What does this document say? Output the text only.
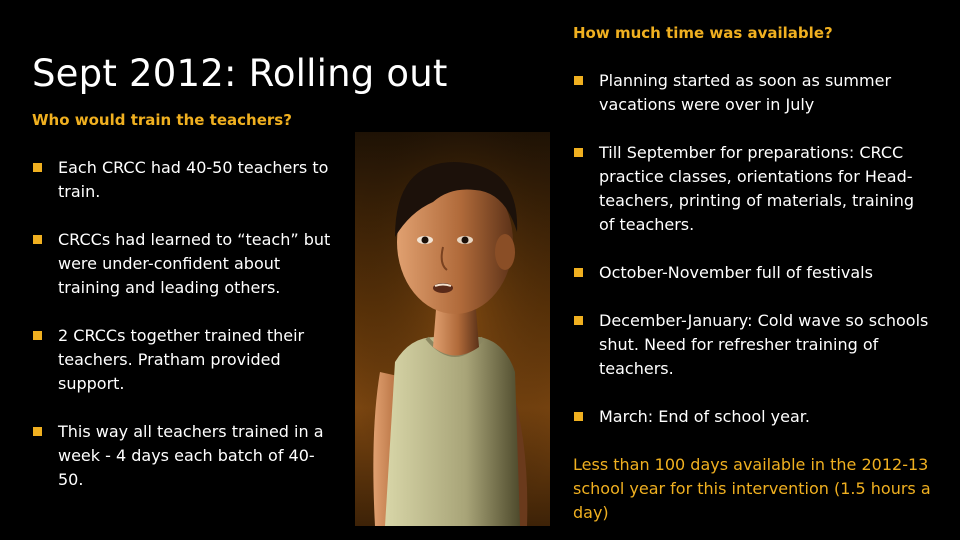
Sept 2012: Rolling out
Who would train the teachers?
Each CRCC had 40-50 teachers to train.
CRCCs had learned to “teach” but were under-confident about training and leading others.
2 CRCCs together trained their teachers. Pratham provided support.
This way all teachers trained in a week - 4 days each batch of 40-50.
How much time was available?
Planning started as soon as summer vacations were over in July
Till September for preparations: CRCC practice classes, orientations for Head-teachers, printing of materials, training of teachers.
October-November full of festivals
December-January: Cold wave so schools shut. Need for refresher training of teachers.
March: End of school year.
Less than 100 days available in the 2012-13 school year for this intervention (1.5 hours a day)
